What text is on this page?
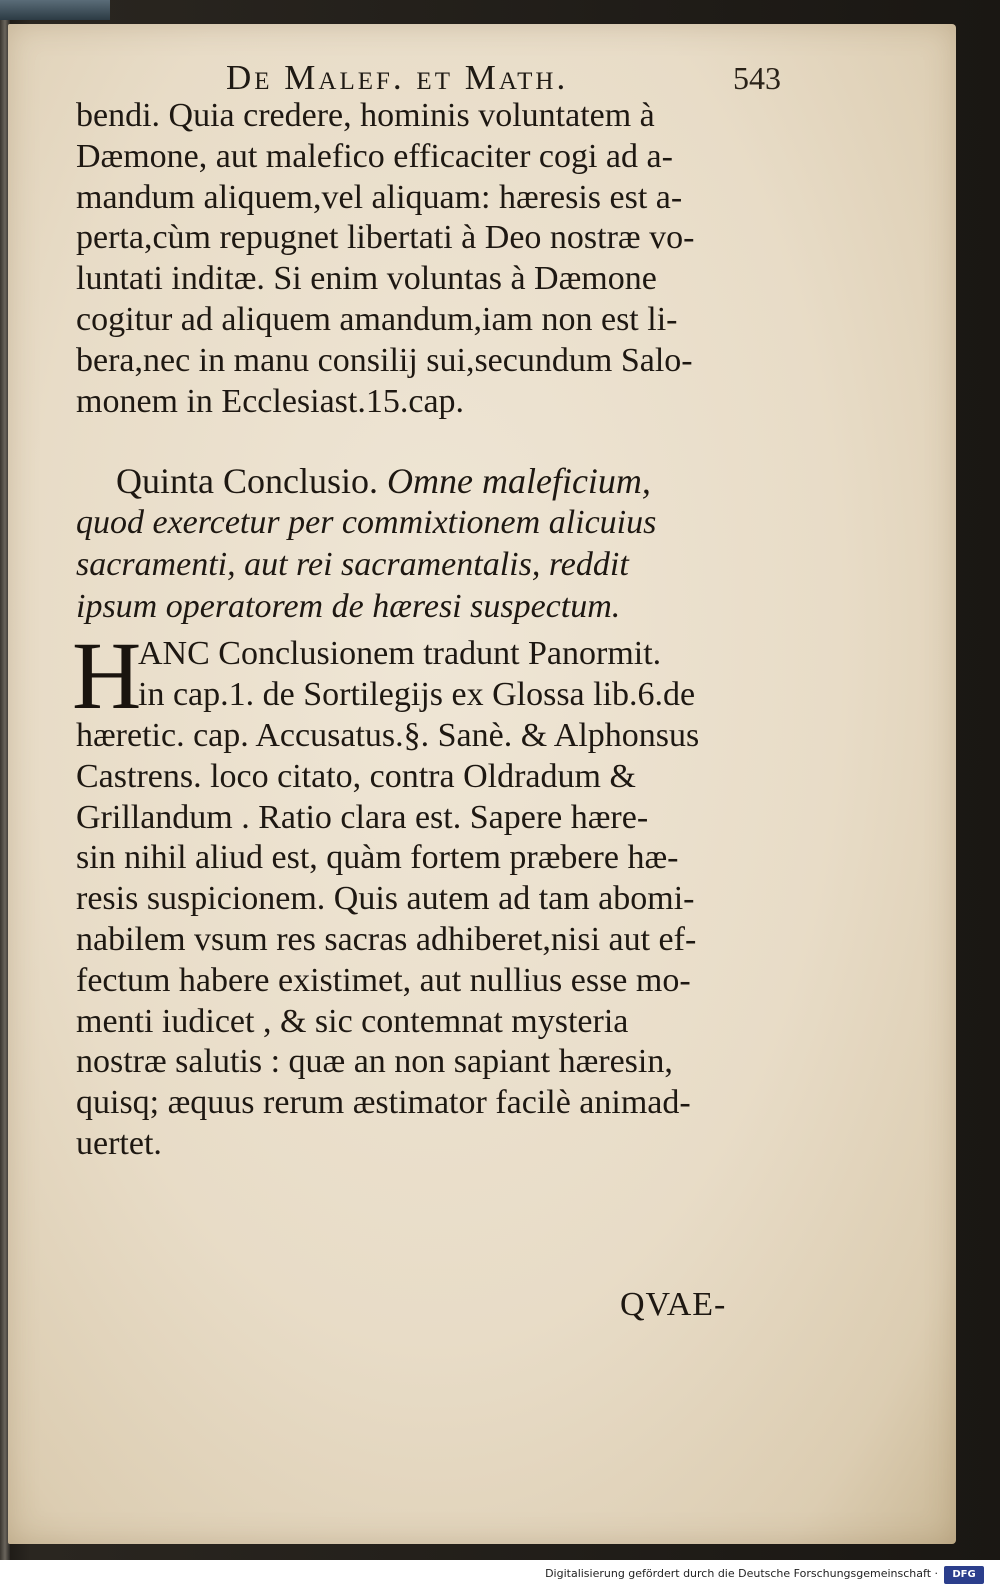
De Malef. et Math.	543
bendi. Quia credere, hominis voluntatem à
Dæmone, aut malefico efficaciter cogi ad a-
mandum aliquem,vel aliquam: hæresis est a-
perta,cùm repugnet libertati à Deo nostræ vo-
luntati inditæ. Si enim voluntas à Dæmone
cogitur ad aliquem amandum,iam non est li-
bera,nec in manu consilij sui,secundum Salo-
monem in Ecclesiast.15.cap.
Quinta Conclusio. Omne maleficium,
quod exercetur per commixtionem alicuius
sacramenti, aut rei sacramentalis, reddit
ipsum operatorem de hæresi suspectum.
H
ANC Conclusionem tradunt Panormit.
in cap.1. de Sortilegijs ex Glossa lib.6.de
hæretic. cap. Accusatus.§. Sanè. & Alphonsus
Castrens. loco citato, contra Oldradum &
Grillandum . Ratio clara est. Sapere hære-
sin nihil aliud est, quàm fortem præbere hæ-
resis suspicionem. Quis autem ad tam abomi-
nabilem vsum res sacras adhiberet,nisi aut ef-
fectum habere existimet, aut nullius esse mo-
menti iudicet , & sic contemnat mysteria
nostræ salutis : quæ an non sapiant hæresin,
quisq; æquus rerum æstimator facilè animad-
uertet.
QVAE-
Digitalisierung gefördert durch die Deutsche Forschungsgemeinschaft ·	DFG
